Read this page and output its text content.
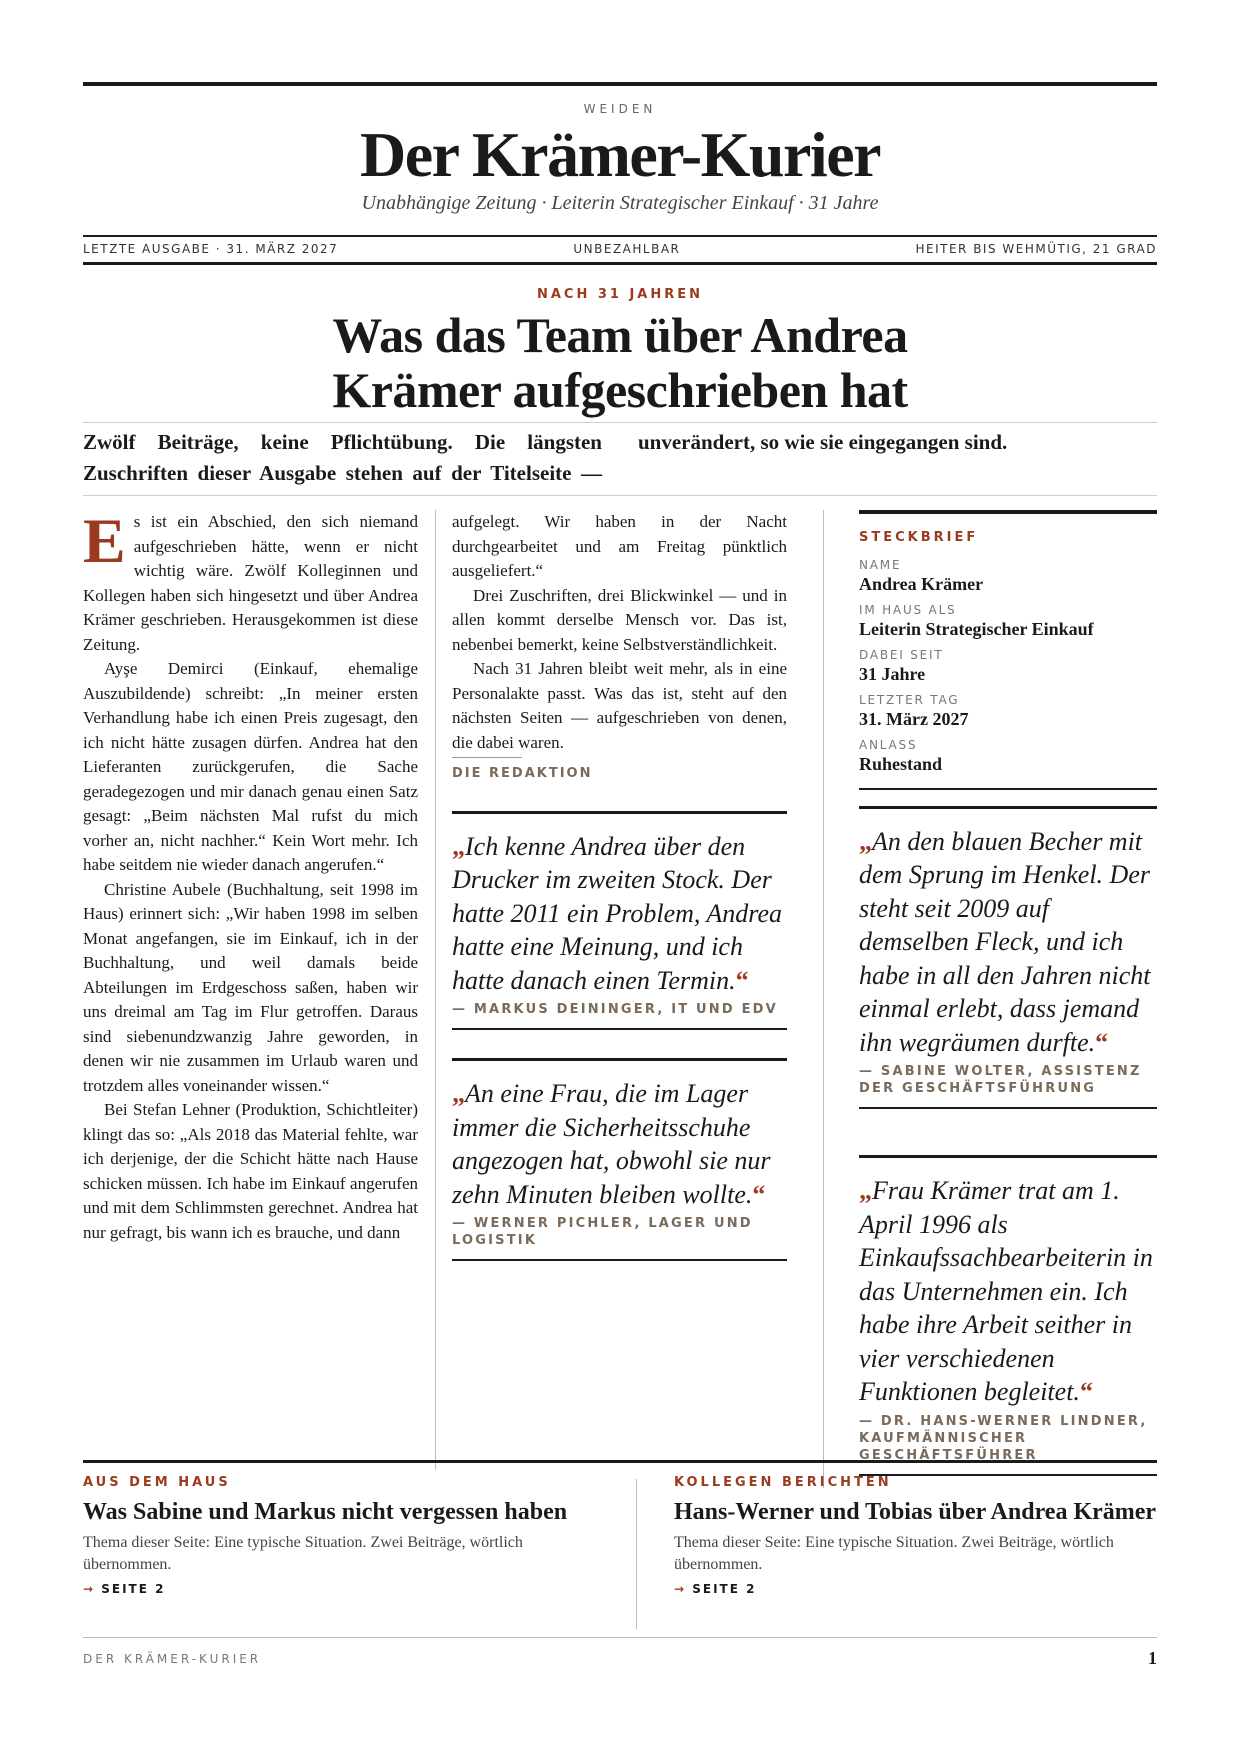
WEIDEN
Der Krämer-Kurier
Unabhängige Zeitung · Leiterin Strategischer Einkauf · 31 Jahre
LETZTE AUSGABE · 31. MÄRZ 2027	UNBEZAHLBAR	HEITER BIS WEHMÜTIG, 21 GRAD
NACH 31 JAHREN
Was das Team über Andrea
Krämer aufgeschrieben hat
Zwölf Beiträge, keine Pflichtübung. Die längsten Zuschriften dieser Ausgabe stehen auf der Titelseite — unverändert, so wie sie eingegangen sind.

Es ist ein Abschied, den sich niemand aufgeschrieben hätte, wenn er nicht wichtig wäre. Zwölf Kolleginnen und Kollegen haben sich hingesetzt und über Andrea Krämer geschrieben. Herausgekommen ist diese Zeitung.

Ayşe Demirci (Einkauf, ehemalige Auszubildende) schreibt: „In meiner ersten Verhandlung habe ich einen Preis zugesagt, den ich nicht hätte zusagen dürfen. Andrea hat den Lieferanten zurückgerufen, die Sache geradegezogen und mir danach genau einen Satz gesagt: „Beim nächsten Mal rufst du mich vorher an, nicht nachher.“ Kein Wort mehr. Ich habe seitdem nie wieder danach angerufen.“

Christine Aubele (Buchhaltung, seit 1998 im Haus) erinnert sich: „Wir haben 1998 im selben Monat angefangen, sie im Einkauf, ich in der Buchhaltung, und weil damals beide Abteilungen im Erdgeschoss saßen, haben wir uns dreimal am Tag im Flur getroffen. Daraus sind siebenundzwanzig Jahre geworden, in denen wir nie zusammen im Urlaub waren und trotzdem alles voneinander wissen.“

Bei Stefan Lehner (Produktion, Schichtleiter) klingt das so: „Als 2018 das Material fehlte, war ich derjenige, der die Schicht hätte nach Hause schicken müssen. Ich habe im Einkauf angerufen und mit dem Schlimmsten gerechnet. Andrea hat nur gefragt, bis wann ich es brauche, und dann

aufgelegt. Wir haben in der Nacht durchgearbeitet und am Freitag pünktlich ausgeliefert.“

Drei Zuschriften, drei Blickwinkel — und in allen kommt derselbe Mensch vor. Das ist, nebenbei bemerkt, keine Selbstverständlichkeit.

Nach 31 Jahren bleibt weit mehr, als in eine Personalakte passt. Was das ist, steht auf den nächsten Seiten — aufgeschrieben von denen, die dabei waren.

DIE REDAKTION
„Ich kenne Andrea über den Drucker im zweiten Stock. Der hatte 2011 ein Problem, Andrea hatte eine Meinung, und ich hatte danach einen Termin.“
— MARKUS DEININGER, IT UND EDV
„An eine Frau, die im Lager immer die Sicherheitsschuhe angezogen hat, obwohl sie nur zehn Minuten bleiben wollte.“
— WERNER PICHLER, LAGER UND LOGISTIK
STECKBRIEF
NAME
Andrea Krämer
IM HAUS ALS
Leiterin Strategischer Einkauf
DABEI SEIT
31 Jahre
LETZTER TAG
31. März 2027
ANLASS
Ruhestand
„An den blauen Becher mit dem Sprung im Henkel. Der steht seit 2009 auf demselben Fleck, und ich habe in all den Jahren nicht einmal erlebt, dass jemand ihn wegräumen durfte.“
— SABINE WOLTER, ASSISTENZ DER GESCHÄFTSFÜHRUNG
„Frau Krämer trat am 1. April 1996 als Einkaufssachbearbeiterin in das Unternehmen ein. Ich habe ihre Arbeit seither in vier verschiedenen Funktionen begleitet.“
— DR. HANS-WERNER LINDNER, KAUFMÄNNISCHER GESCHÄFTSFÜHRER
AUS DEM HAUS
Was Sabine und Markus nicht vergessen haben
Thema dieser Seite: Eine typische Situation. Zwei Beiträge, wörtlich übernommen.
→ SEITE 2
KOLLEGEN BERICHTEN
Hans-Werner und Tobias über Andrea Krämer
Thema dieser Seite: Eine typische Situation. Zwei Beiträge, wörtlich übernommen.
→ SEITE 2
DER KRÄMER-KURIER	1
